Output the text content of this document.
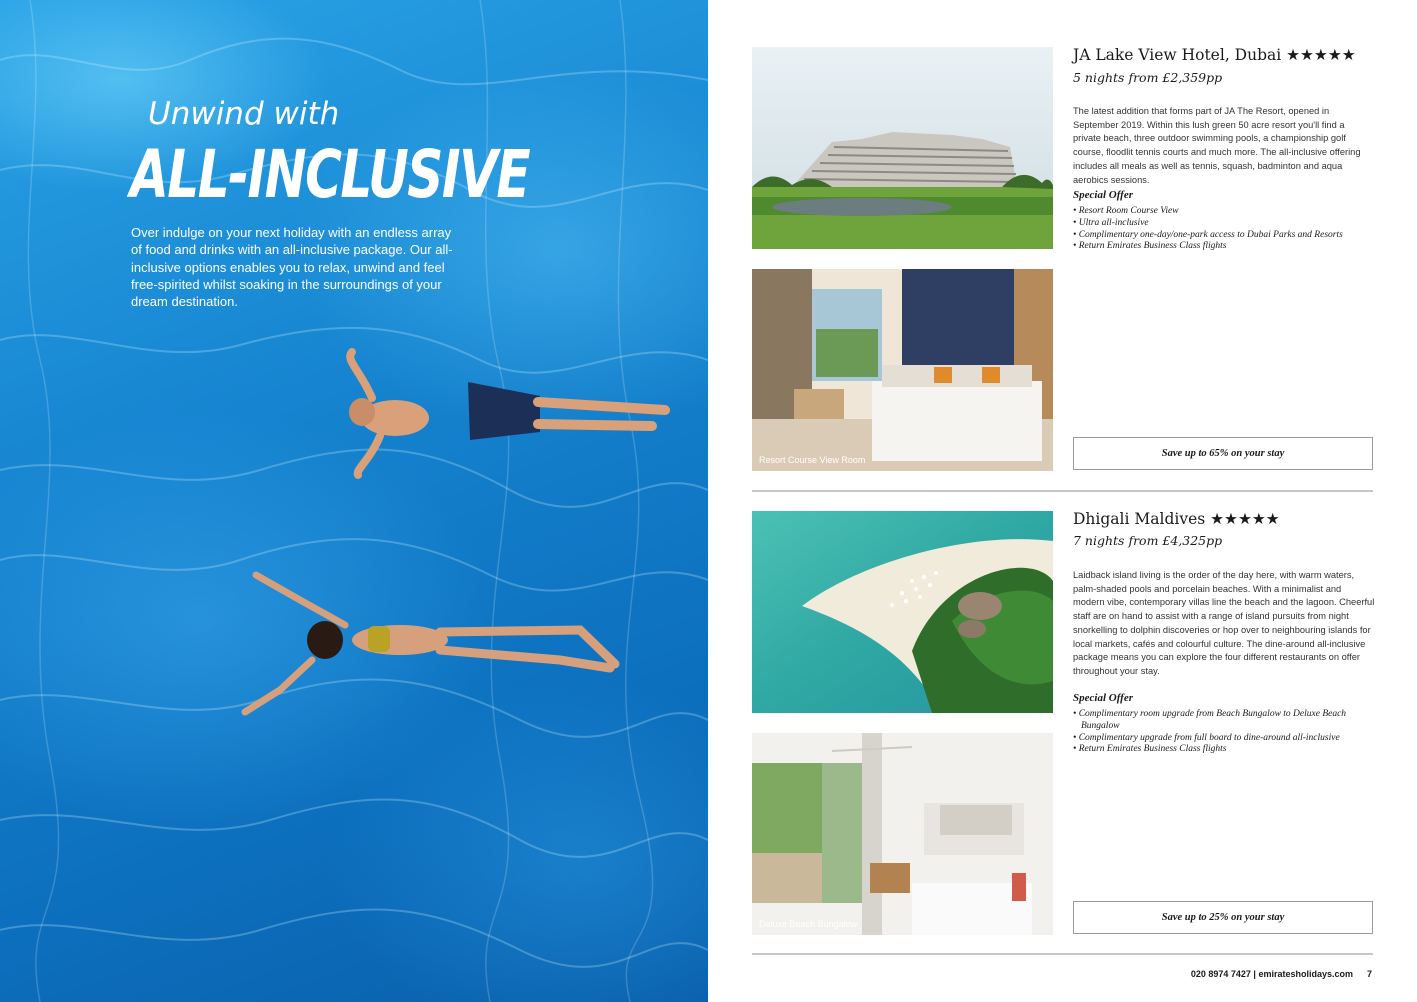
Unwind with
ALL-INCLUSIVE

Over indulge on your next holiday with an endless array of food and drinks with an all-inclusive package. Our all-inclusive options enables you to relax, unwind and feel free-spirited whilst soaking in the surroundings of your dream destination.

Resort Course View Room
JA Lake View Hotel, Dubai ★★★★★
5 nights from £2,359pp

The latest addition that forms part of JA The Resort, opened in September 2019. Within this lush green 50 acre resort you'll find a private beach, three outdoor swimming pools, a championship golf course, floodlit tennis courts and much more. The all-inclusive offering includes all meals as well as tennis, squash, badminton and aqua aerobics sessions.

Special Offer
• Resort Room Course View
• Ultra all-inclusive
• Complimentary one-day/one-park access to Dubai Parks and Resorts
• Return Emirates Business Class flights
Save up to 65% on your stay
Deluxe Beach Bungalow
Dhigali Maldives ★★★★★
7 nights from £4,325pp

Laidback island living is the order of the day here, with warm waters, palm-shaded pools and porcelain beaches. With a minimalist and modern vibe, contemporary villas line the beach and the lagoon. Cheerful staff are on hand to assist with a range of island pursuits from night snorkelling to dolphin discoveries or hop over to neighbouring islands for local markets, cafés and colourful culture. The dine-around all-inclusive package means you can explore the four different restaurants on offer throughout your stay.

Special Offer
• Complimentary room upgrade from Beach Bungalow to Deluxe Beach Bungalow
• Complimentary upgrade from full board to dine-around all-inclusive
• Return Emirates Business Class flights
Save up to 25% on your stay
020 8974 7427 | emiratesholidays.com 7
